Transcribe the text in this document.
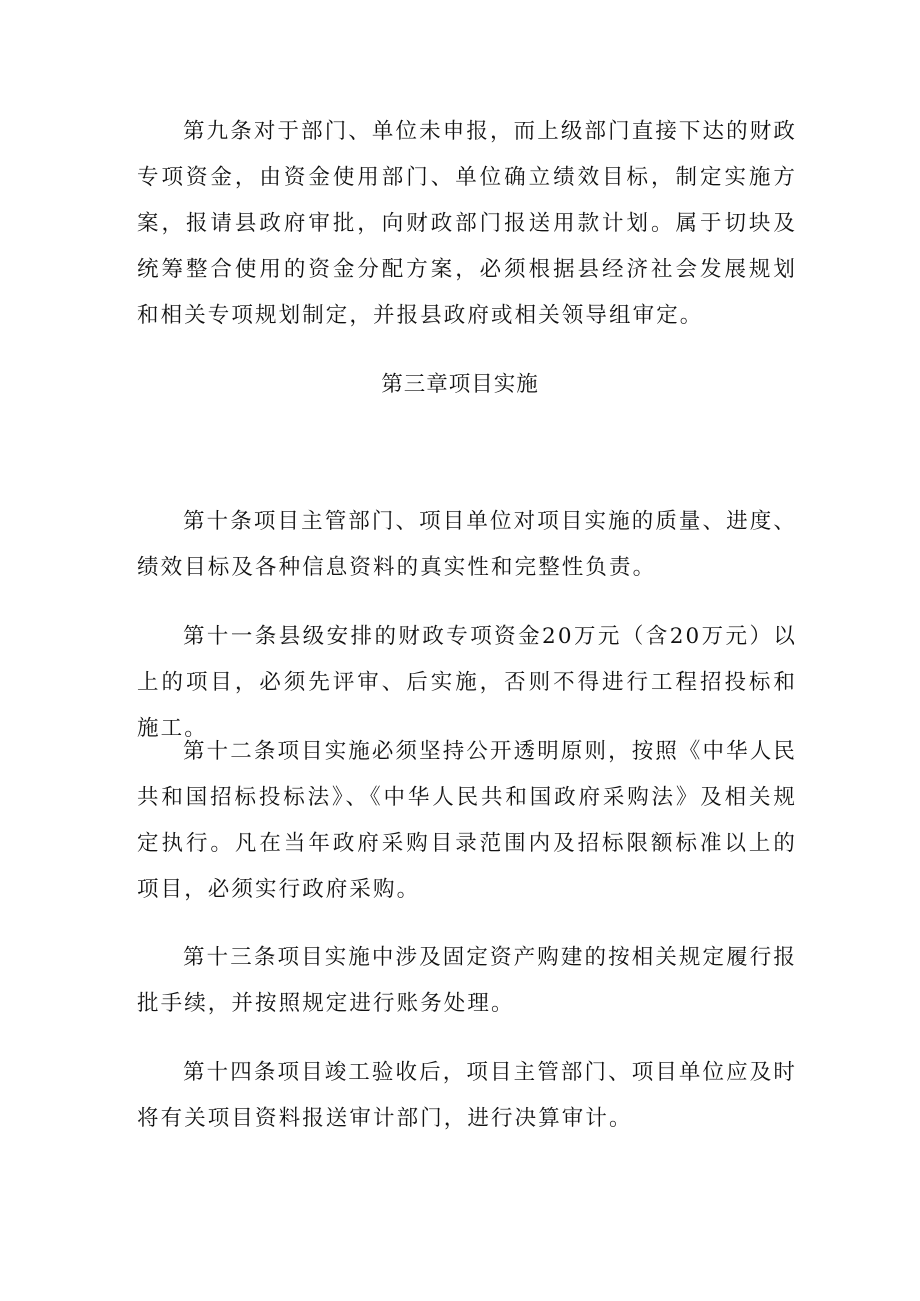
第九条对于部门、单位未申报，而上级部门直接下达的财政专项资金，由资金使用部门、单位确立绩效目标，制定实施方案，报请县政府审批，向财政部门报送用款计划。属于切块及统筹整合使用的资金分配方案，必须根据县经济社会发展规划和相关专项规划制定，并报县政府或相关领导组审定。

第三章项目实施

第十条项目主管部门、项目单位对项目实施的质量、进度、绩效目标及各种信息资料的真实性和完整性负责。

第十一条县级安排的财政专项资金20万元（含20万元）以上的项目，必须先评审、后实施，否则不得进行工程招投标和施工。

第十二条项目实施必须坚持公开透明原则，按照《中华人民共和国招标投标法》、《中华人民共和国政府采购法》及相关规定执行。凡在当年政府采购目录范围内及招标限额标准以上的项目，必须实行政府采购。

第十三条项目实施中涉及固定资产购建的按相关规定履行报批手续，并按照规定进行账务处理。

第十四条项目竣工验收后，项目主管部门、项目单位应及时将有关项目资料报送审计部门，进行决算审计。
